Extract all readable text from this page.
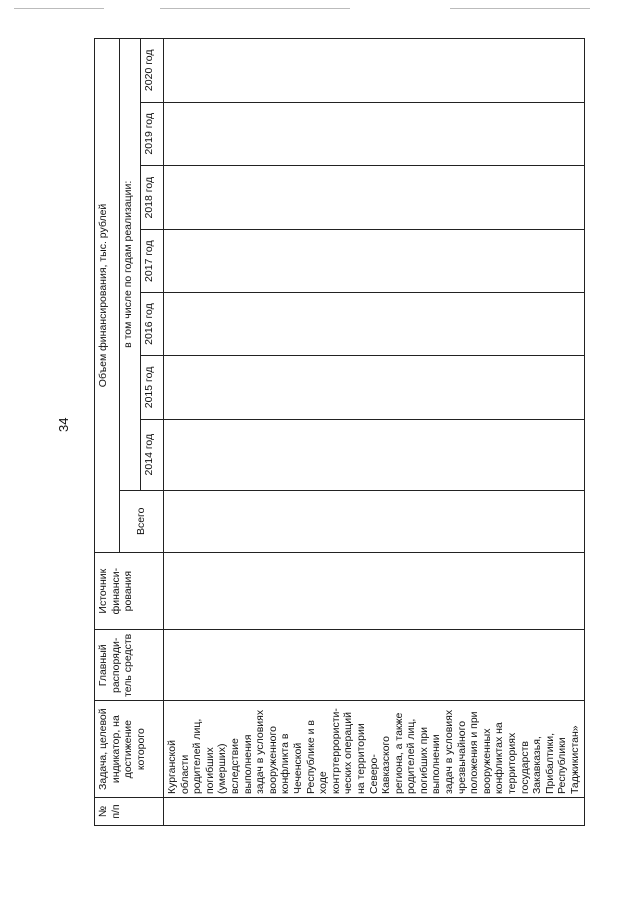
34
№ п/п	Задача, целевой индикатор, на достижение которого	Главный распоряди-тель средств	Источник финанси-рования	Объем финансирования, тыс. рублей							
				Всего	в том числе по годам реализации:						
					2014 год	2015 год	2016 год	2017 год	2018 год	2019 год	2020 год
	Курганской области родителей лиц, погибших (умерших) вследствие выполнения задач в условиях вооруженного конфликта в Чеченской Республике и в ходе контртеррористи-ческих операций на территории Северо-Кавказского региона, а также родителей лиц, погибших при выполнении задач в условиях чрезвычайного положения и при вооруженных конфликтах на территориях государств Закавказья, Прибалтики, Республики Таджикистан»										
